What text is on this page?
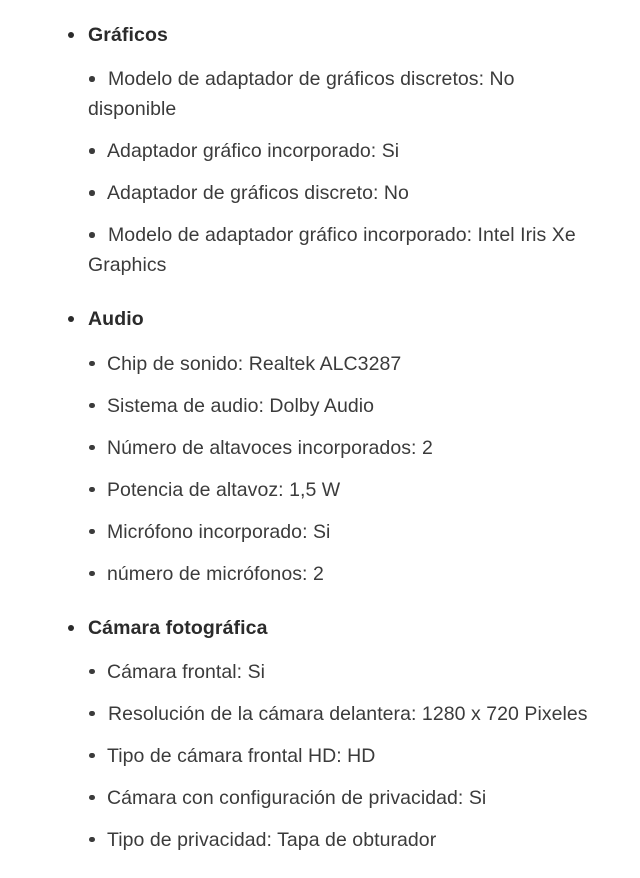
Gráficos
Modelo de adaptador de gráficos discretos: No disponible
Adaptador gráfico incorporado: Si
Adaptador de gráficos discreto: No
Modelo de adaptador gráfico incorporado: Intel Iris Xe Graphics
Audio
Chip de sonido: Realtek ALC3287
Sistema de audio: Dolby Audio
Número de altavoces incorporados: 2
Potencia de altavoz: 1,5 W
Micrófono incorporado: Si
número de micrófonos: 2
Cámara fotográfica
Cámara frontal: Si
Resolución de la cámara delantera: 1280 x 720 Pixeles
Tipo de cámara frontal HD: HD
Cámara con configuración de privacidad: Si
Tipo de privacidad: Tapa de obturador
